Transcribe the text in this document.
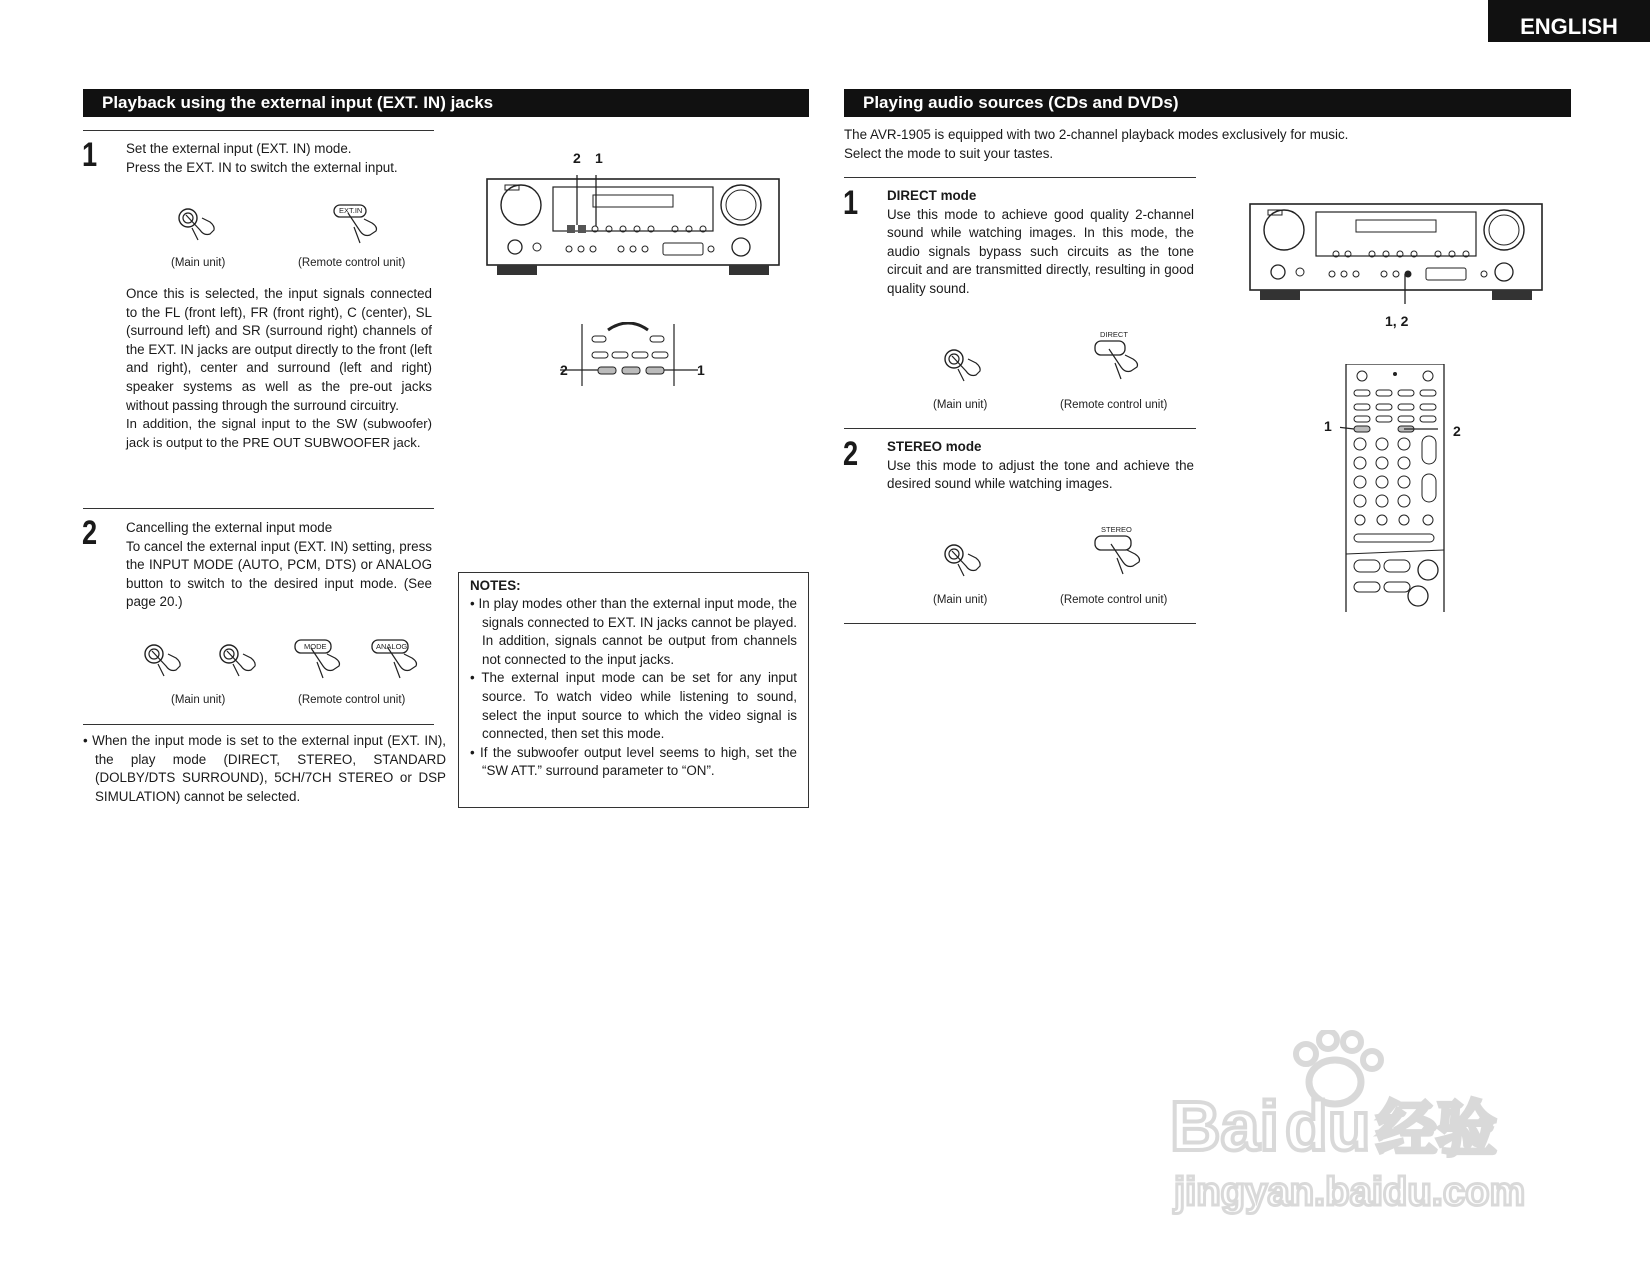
ENGLISH
Playback using the external input (EXT. IN) jacks
1 Set the external input (EXT. IN) mode.
Press the EXT. IN to switch the external input.
EXT.IN
(Main unit)	(Remote control unit)
Once this is selected, the input signals connected to the FL (front left), FR (front right), C (center), SL (surround left) and SR (surround right) channels of the EXT. IN jacks are output directly to the front (left and right), center and surround (left and right) speaker systems as well as the pre-out jacks without passing through the surround circuitry.
In addition, the signal input to the SW (subwoofer) jack is output to the PRE OUT SUBWOOFER jack.
2 Cancelling the external input mode
To cancel the external input (EXT. IN) setting, press the INPUT MODE (AUTO, PCM, DTS) or ANALOG button to switch to the desired input mode. (See page 20.)
MODE	ANALOG
(Main unit)	(Remote control unit)
• When the input mode is set to the external input (EXT. IN), the play mode (DIRECT, STEREO, STANDARD (DOLBY/DTS SURROUND), 5CH/7CH STEREO or DSP SIMULATION) cannot be selected.
2 1
2	1
NOTES:
• In play modes other than the external input mode, the signals connected to EXT. IN jacks cannot be played. In addition, signals cannot be output from channels not connected to the input jacks.
• The external input mode can be set for any input source. To watch video while listening to sound, select the input source to which the video signal is connected, then set this mode.
• If the subwoofer output level seems to high, set the “SW ATT.” surround parameter to “ON”.
Playing audio sources (CDs and DVDs)
The AVR-1905 is equipped with two 2-channel playback modes exclusively for music.
Select the mode to suit your tastes.
1 DIRECT mode
Use this mode to achieve good quality 2-channel sound while watching images. In this mode, the audio signals bypass such circuits as the tone circuit and are transmitted directly, resulting in good quality sound.
DIRECT
(Main unit)	(Remote control unit)
2 STEREO mode
Use this mode to adjust the tone and achieve the desired sound while watching images.
STEREO
(Main unit)	(Remote control unit)
1, 2
1	2
Baidu 经验
jingyan.baidu.com
